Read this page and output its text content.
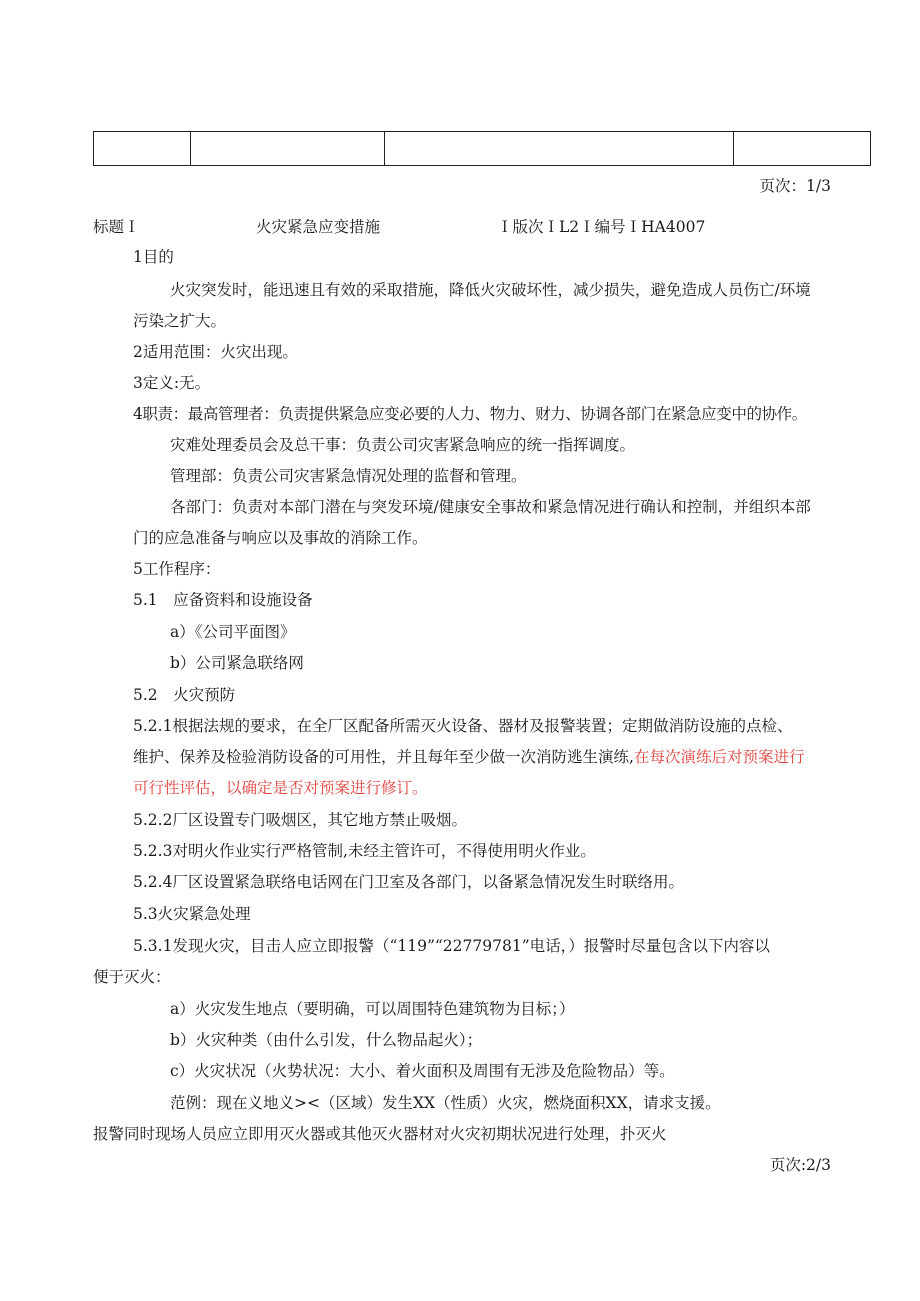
页次：1/3
标题Ｉ	火灾紧急应变措施	Ｉ版次ＩL2Ｉ编号ＩHA4007
1目的
火灾突发时，能迅速且有效的采取措施，降低火灾破坏性，减少损失，避免造成人员伤亡/环境
污染之扩大。
2适用范围：火灾出现。
3定义:无。
4职责：最高管理者：负责提供紧急应变必要的人力、物力、财力、协调各部门在紧急应变中的协作。
灾难处理委员会及总干事：负责公司灾害紧急响应的统一指挥调度。
管理部：负责公司灾害紧急情况处理的监督和管理。
各部门：负责对本部门潜在与突发环境/健康安全事故和紧急情况进行确认和控制，并组织本部
门的应急准备与响应以及事故的消除工作。
5工作程序：
5.1　应备资料和设施设备
a）《公司平面图》
b）公司紧急联络网
5.2　火灾预防
5.2.1根据法规的要求，在全厂区配备所需灭火设备、器材及报警装置；定期做消防设施的点检、
维护、保养及检验消防设备的可用性，并且每年至少做一次消防逃生演练,在每次演练后对预案进行
可行性评估，以确定是否对预案进行修订。
5.2.2厂区设置专门吸烟区，其它地方禁止吸烟。
5.2.3对明火作业实行严格管制,未经主管许可，不得使用明火作业。
5.2.4厂区设置紧急联络电话网在门卫室及各部门，以备紧急情况发生时联络用。
5.3火灾紧急处理
5.3.1发现火灾，目击人应立即报警（“119”“22779781”电话，）报警时尽量包含以下内容以
便于灭火：
a）火灾发生地点（要明确，可以周围特色建筑物为目标；）
b）火灾种类（由什么引发，什么物品起火）；
c）火灾状况（火势状况：大小、着火面积及周围有无涉及危险物品）等。
范例：现在义地义><（区域）发生XX（性质）火灾，燃烧面积XX，请求支援。
报警同时现场人员应立即用灭火器或其他灭火器材对火灾初期状况进行处理，扑灭火
页次:2/3
